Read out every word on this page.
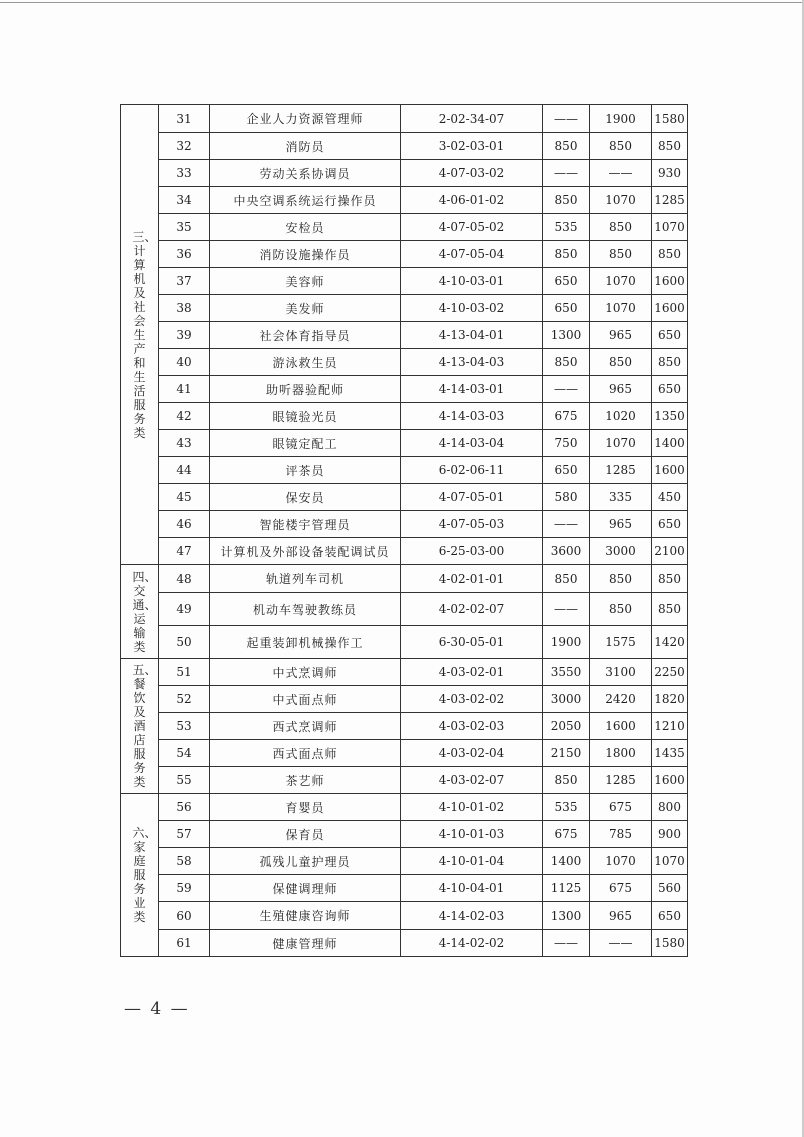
三、计算机及社会生产和生活服务类	31	企业人力资源管理师	2-02-34-07	——	1900	1580
	32	消防员	3-02-03-01	850	850	850
	33	劳动关系协调员	4-07-03-02	——	——	930
	34	中央空调系统运行操作员	4-06-01-02	850	1070	1285
	35	安检员	4-07-05-02	535	850	1070
	36	消防设施操作员	4-07-05-04	850	850	850
	37	美容师	4-10-03-01	650	1070	1600
	38	美发师	4-10-03-02	650	1070	1600
	39	社会体育指导员	4-13-04-01	1300	965	650
	40	游泳救生员	4-13-04-03	850	850	850
	41	助听器验配师	4-14-03-01	——	965	650
	42	眼镜验光员	4-14-03-03	675	1020	1350
	43	眼镜定配工	4-14-03-04	750	1070	1400
	44	评茶员	6-02-06-11	650	1285	1600
	45	保安员	4-07-05-01	580	335	450
	46	智能楼宇管理员	4-07-05-03	——	965	650
	47	计算机及外部设备装配调试员	6-25-03-00	3600	3000	2100
四、交通、运输类	48	轨道列车司机	4-02-01-01	850	850	850
	49	机动车驾驶教练员	4-02-02-07	——	850	850
	50	起重装卸机械操作工	6-30-05-01	1900	1575	1420
五、餐饮及酒店服务类	51	中式烹调师	4-03-02-01	3550	3100	2250
	52	中式面点师	4-03-02-02	3000	2420	1820
	53	西式烹调师	4-03-02-03	2050	1600	1210
	54	西式面点师	4-03-02-04	2150	1800	1435
	55	茶艺师	4-03-02-07	850	1285	1600
六、家庭服务业类	56	育婴员	4-10-01-02	535	675	800
	57	保育员	4-10-01-03	675	785	900
	58	孤残儿童护理员	4-10-01-04	1400	1070	1070
	59	保健调理师	4-10-04-01	1125	675	560
	60	生殖健康咨询师	4-14-02-03	1300	965	650
	61	健康管理师	4-14-02-02	——	——	1580
— 4 —
